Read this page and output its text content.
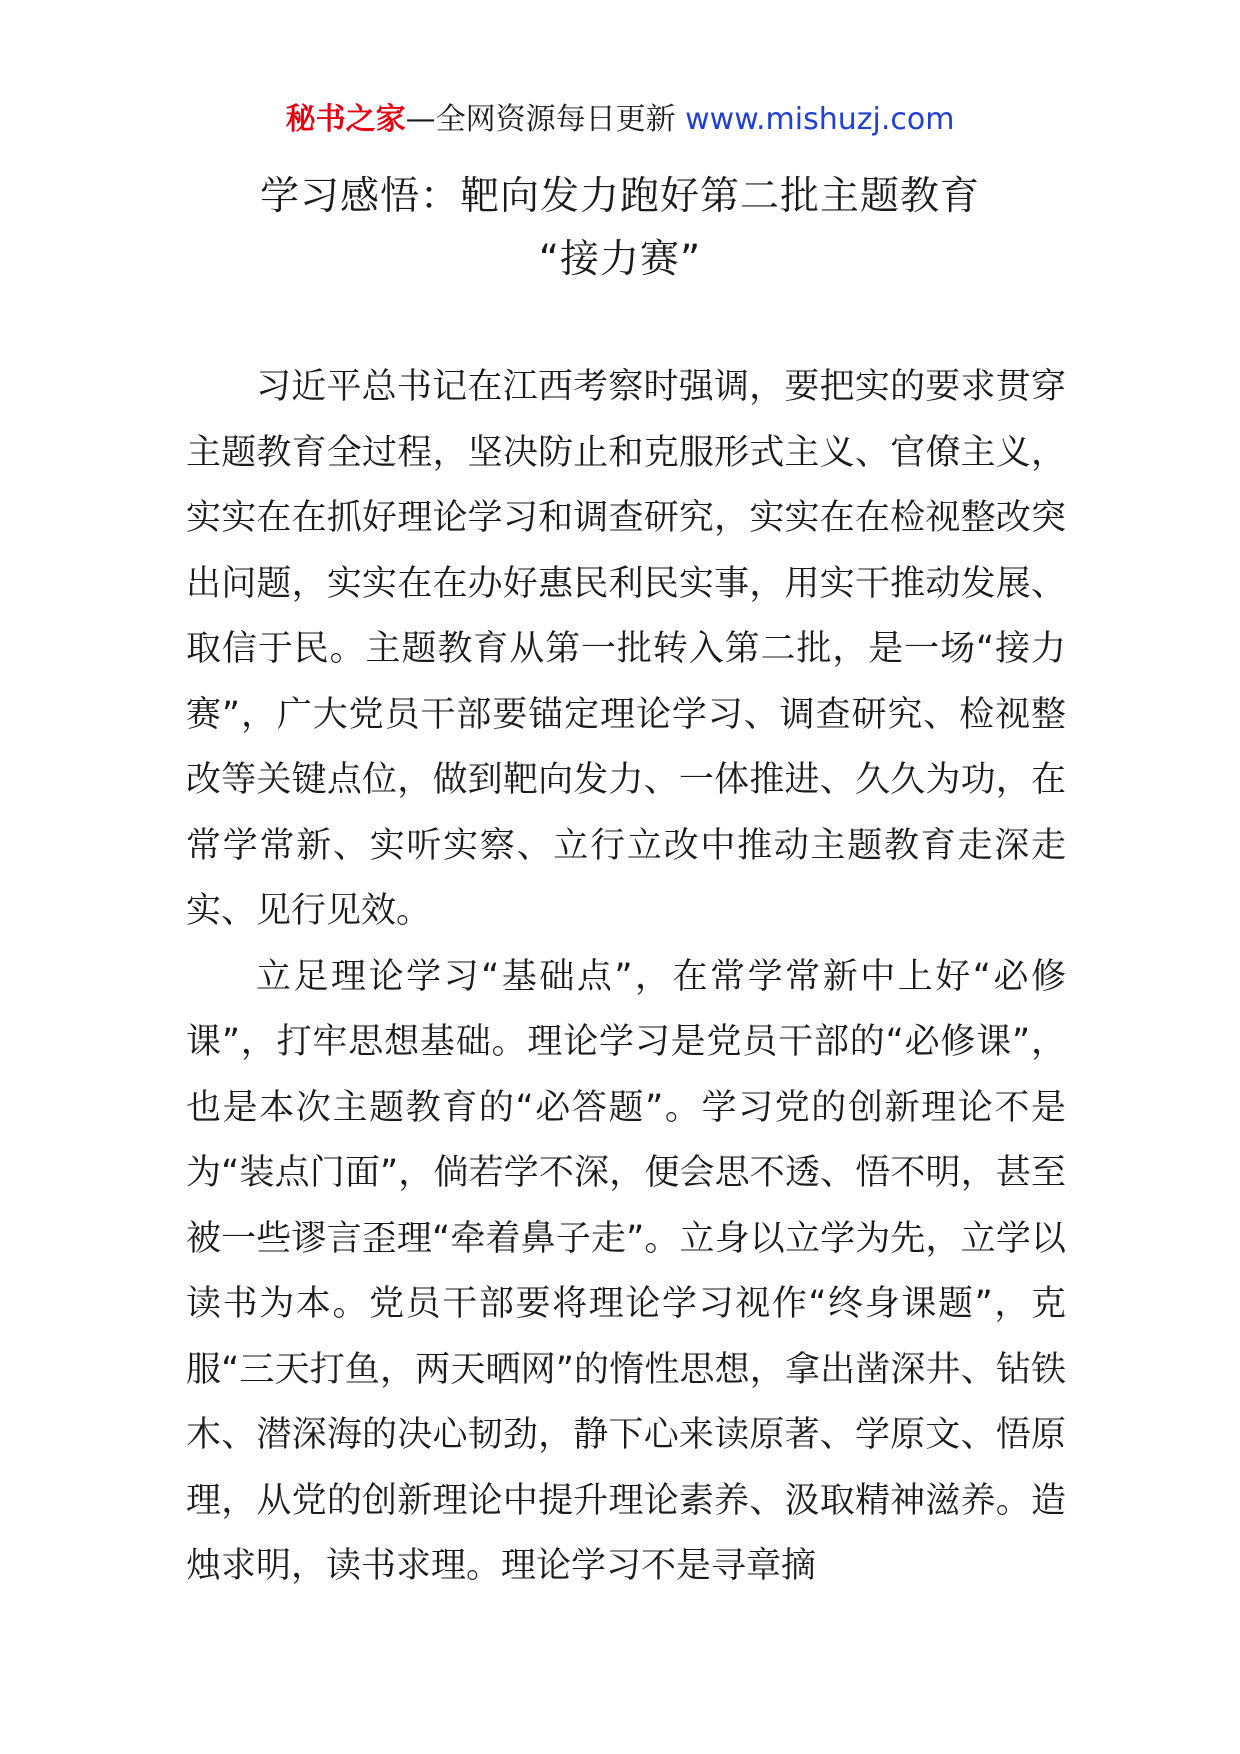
秘书之家—全网资源每日更新 www.mishuzj.com
学习感悟：靶向发力跑好第二批主题教育
“接力赛”

习近平总书记在江西考察时强调，要把实的要求贯穿主题教育全过程，坚决防止和克服形式主义、官僚主义，实实在在抓好理论学习和调查研究，实实在在检视整改突出问题，实实在在办好惠民利民实事，用实干推动发展、取信于民。主题教育从第一批转入第二批，是一场“接力赛”，广大党员干部要锚定理论学习、调查研究、检视整改等关键点位，做到靶向发力、一体推进、久久为功，在常学常新、实听实察、立行立改中推动主题教育走深走实、见行见效。

立足理论学习“基础点”，在常学常新中上好“必修课”，打牢思想基础。理论学习是党员干部的“必修课”，也是本次主题教育的“必答题”。学习党的创新理论不是为“装点门面”，倘若学不深，便会思不透、悟不明，甚至被一些谬言歪理“牵着鼻子走”。立身以立学为先，立学以读书为本。党员干部要将理论学习视作“终身课题”，克服“三天打鱼，两天晒网”的惰性思想，拿出凿深井、钻铁木、潜深海的决心韧劲，静下心来读原著、学原文、悟原理，从党的创新理论中提升理论素养、汲取精神滋养。造烛求明，读书求理。理论学习不是寻章摘
